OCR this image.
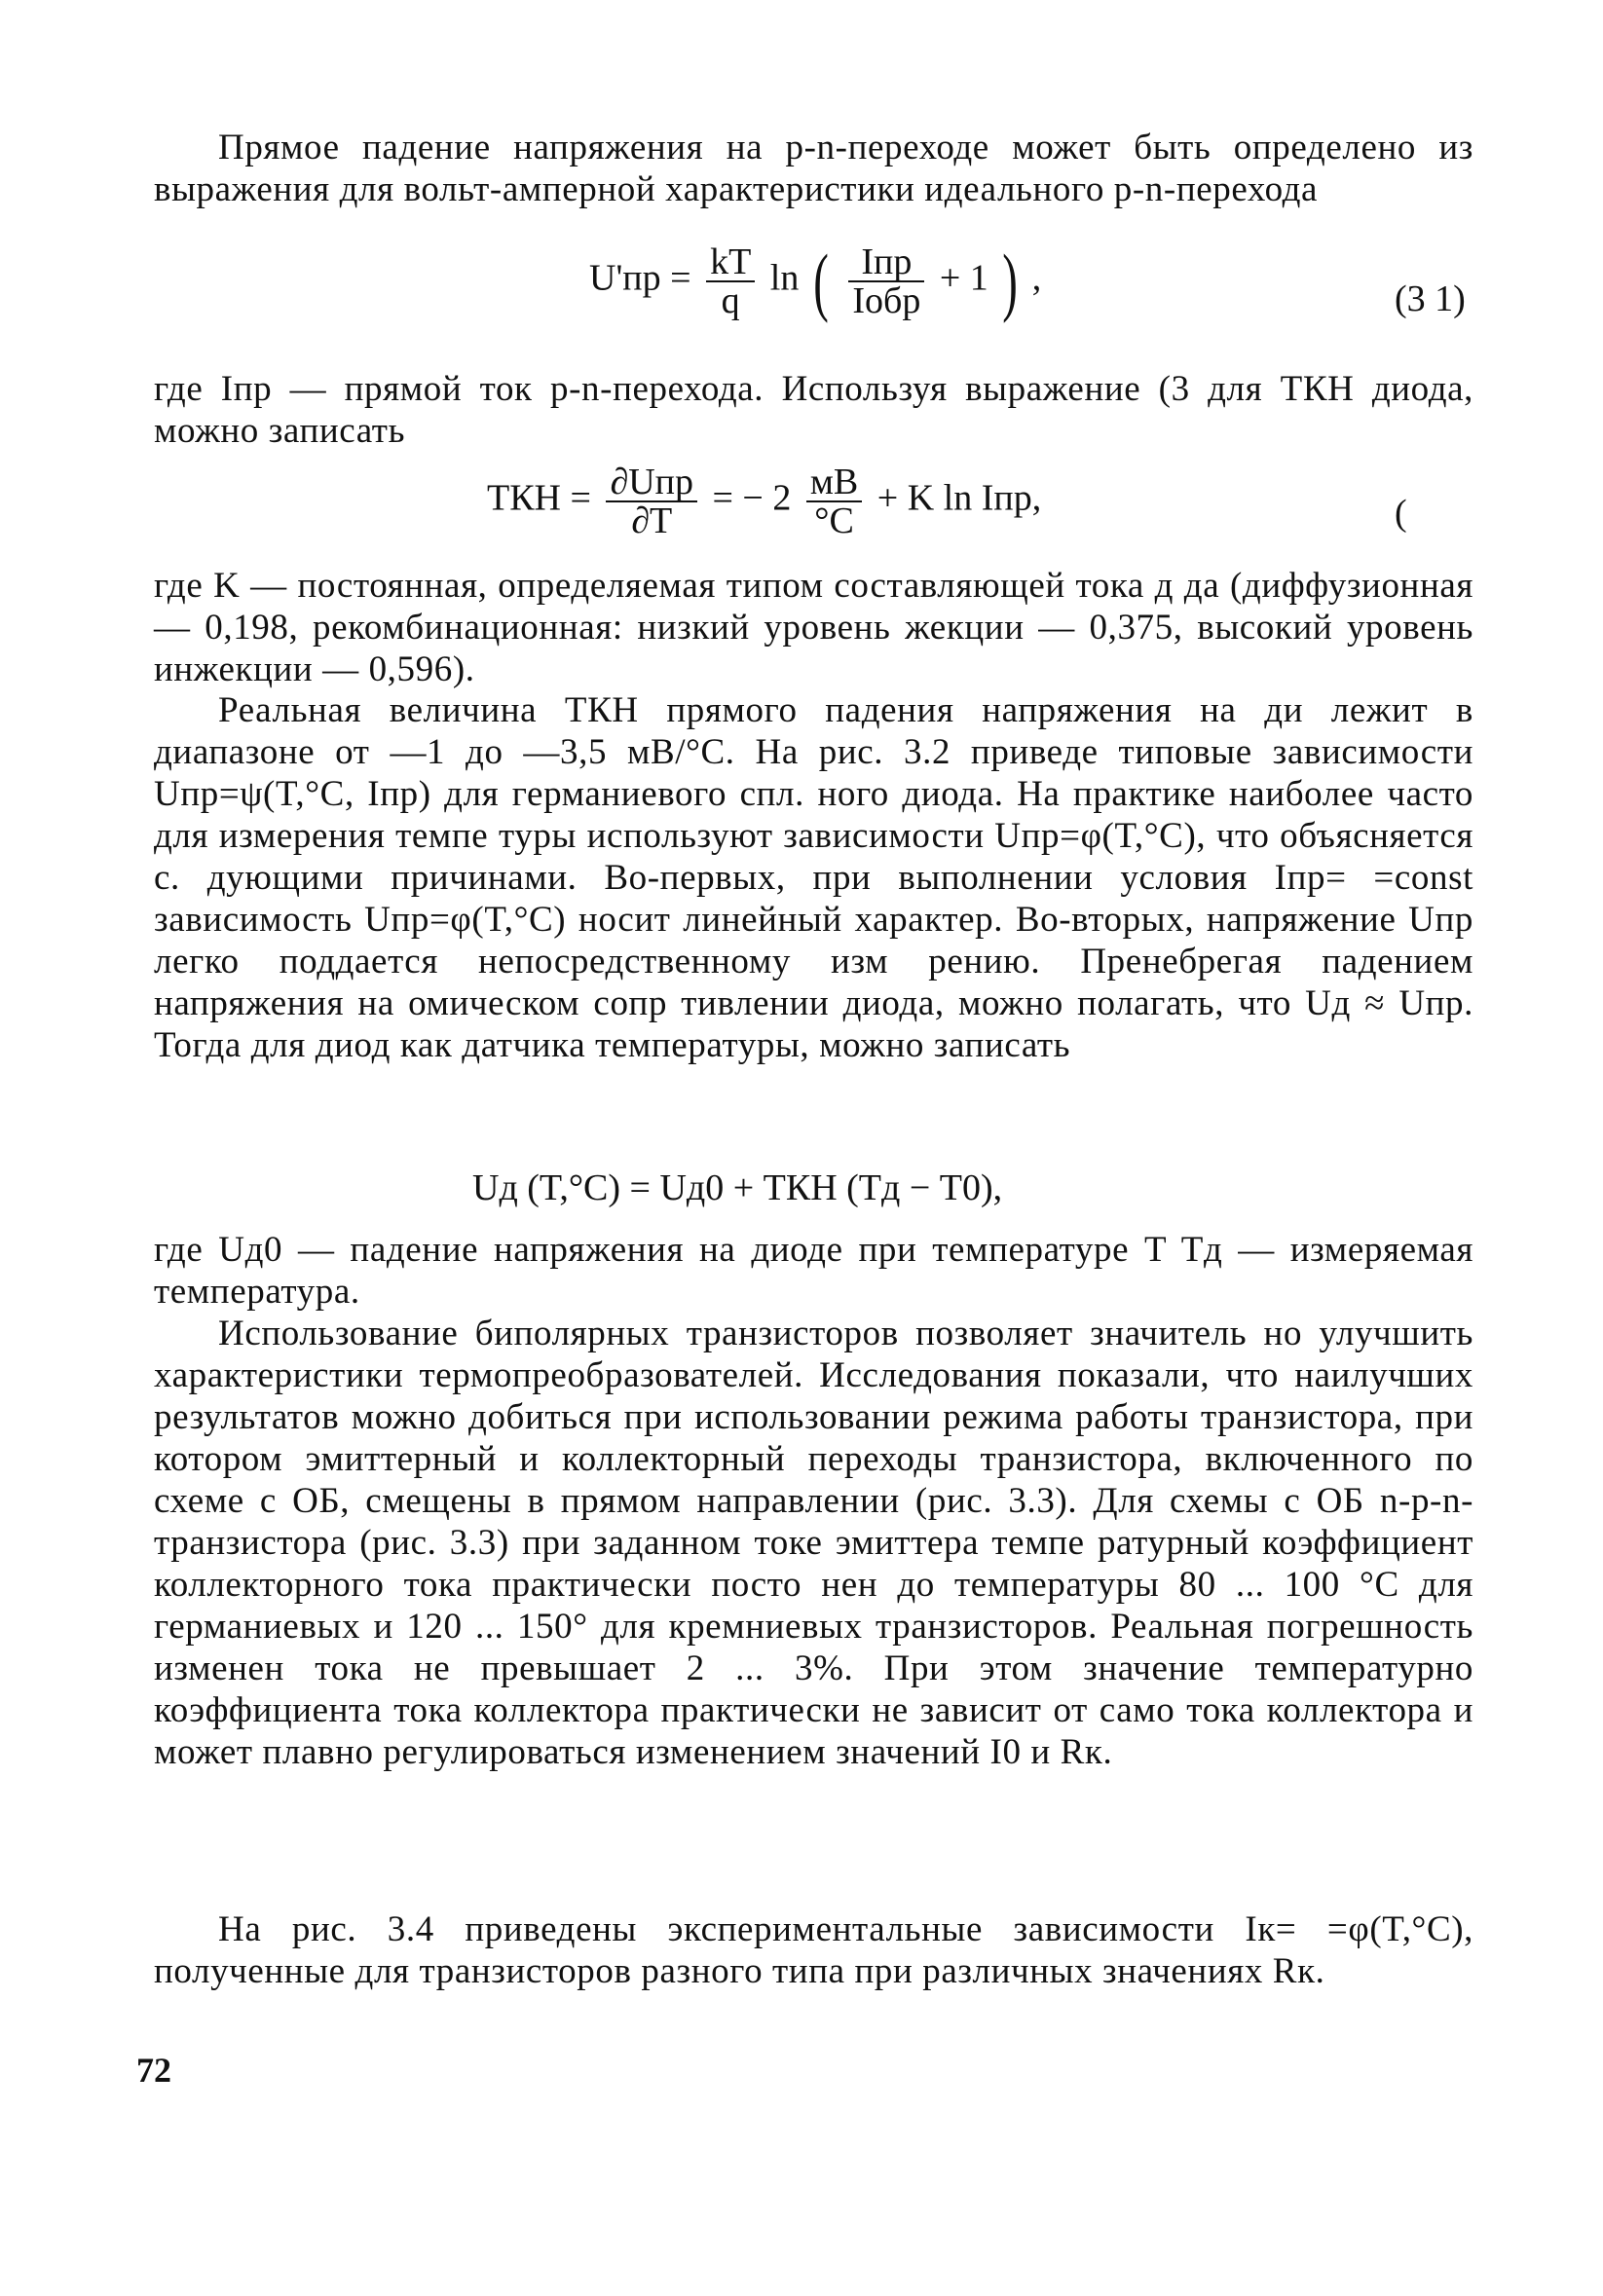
Прямое падение напряжения на p-n-переходе может быть определено из выражения для вольт-амперной характеристики идеального p-n-перехода
$U'пр = \frac{kT}{q}$ ln ( $\frac{\text{Iпр}}{\text{Iобр}} + 1$ ) ,
(3 1)
где Iпр — прямой ток p-n-перехода. Используя выражение (3 для ТКН диода, можно записать
ТКН = $\frac{\text{∂Uпр}}{\partial T}$ = − $2 \frac{мВ}{^\circ С} + K$ ln Iпр,	(
где K — постоянная, определяемая типом составляющей тока д да (диффузионная — 0,198, рекомбинационная: низкий уровень жекции — 0,375, высокий уровень инжекции — 0,596).
Реальная величина ТКН прямого падения напряжения на ди лежит в диапазоне от —1 до —3,5 мВ/°С. На рис. 3.2 приведе типовые зависимости Uпр=ψ(T,°C, Iпр) для германиевого спл. ного диода. На практике наиболее часто для измерения темпе туры используют зависимости Uпр=φ(T,°C), что объясняется с. дующими причинами. Во-первых, при выполнении условия Iпр= =const зависимость Uпр=φ(T,°C) носит линейный характер. Во-вторых, напряжение Uпр легко поддается непосредственному изм рению. Пренебрегая падением напряжения на омическом сопр тивлении диода, можно полагать, что Uд ≈ Uпр. Тогда для диод как датчика температуры, можно записать
Uд (T,°C) = Uд0 + ТКН (Tд − T0),
где Uд0 — падение напряжения на диоде при температуре T Tд — измеряемая температура.
Использование биполярных транзисторов позволяет значитель но улучшить характеристики термопреобразователей. Исследования показали, что наилучших результатов можно добиться при использовании режима работы транзистора, при котором эмиттерный и коллекторный переходы транзистора, включенного по схеме с ОБ, смещены в прямом направлении (рис. 3.3). Для схемы с ОБ n-p-n-транзистора (рис. 3.3) при заданном токе эмиттера темпе ратурный коэффициент коллекторного тока практически посто нен до температуры 80 ... 100 °С для германиевых и 120 ... 150° для кремниевых транзисторов. Реальная погрешность изменен тока не превышает 2 ... 3%. При этом значение температурно коэффициента тока коллектора практически не зависит от само тока коллектора и может плавно регулироваться изменением значений I0 и Rк.
На рис. 3.4 приведены экспериментальные зависимости Iк= =φ(T,°C), полученные для транзисторов разного типа при различных значениях Rк.
72
